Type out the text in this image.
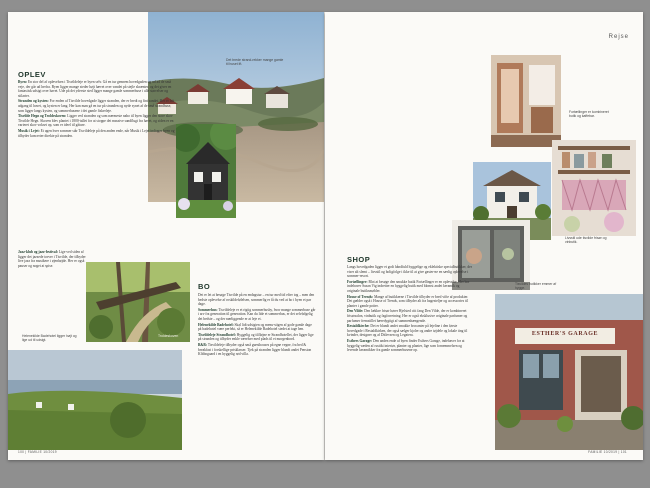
Det brede strand-rekker mange gamle til huset ift.
OPLEV

Byen: En stor del af oplevelsen i Tisvildeleje er byen selv. Gå en tur gennem hovedgaden og ud ad de små veje, der går ud herfra. Byen ligger mange steder højt hævet over vandet på stejle skrænter, og det giver en fantastisk udsigt over havet. Ude på det yderste sted ligger mange gamle sommerhuse i alle størrelser og stilarter.

Stranden og kysten: For enden af Tisvilde hovedgade ligger stranden, der er bredt og fint sandet. Her er frit adgang til havet, og kysten er lang. Her kan man gå en tur på stranden og nyde synet af de små strandhuse, som ligger langs kysten, og sommerhusene i det gamle fiskerleje.

Tisvilde Hegn og Troldeskoven: Ligger ved stranden og som nærmeste nabo til byen ligger den store skov Tisvilde Hegn. Skoven blev plantet i 1800-tallet for at stoppe det massive sandflugt fra havet, og siden er en varieret skov vokset op, som er ideel til gåture.

Musik i Lejet: Et ugen hver sommer står Tisvildeleje på den anden ende, når Musik i Lejet indtager byen og tilbyder koncerter direkte på stranden.

Jazz-klub og jazz-festival: Lige ved siden af ligger det jazzede torver i Tisvilde, der tilbyder live jazz fra musikere i øjenhøjde. Her er også pauser og noget at spise.

Troldeskoven
Helenekilde Badehotel ligger højt og lige ud til udsigt.
BO

Det er let at besøge Tisvilde på en endagstur – en tur med tid efter tog – men den bedste oplevelse af roskildefølelsen, sommerlig er få du ved at bo i byen et par dage.

Sommerhus: Tisvildeleje er et rigtig sommerhusby, hvor mange sommerhuse går i arv fra generation til generation. Kan du lide et sommerhus, er det selvfølgelig det bedste – og der nærliggende er at leje et.

Helenekilde Badehotel: Skal lidt udsigten og menu-stigen af gode gamle dage på badehotel være perfekt, så er Helenekilde Badehotel stedet at tage hen.

Tisvildeleje Strandhotel: Hyggelig og tilfløjne er Strandhotellet, der ligger lige på stranden og tilbyder enkle værelser med plads til et morgenbord.

B&B: Tisvildeleje tilbyder også små guesthouses på egne vegne, fra bed & breakfast i forskellige prisklasser. Tjek på stranden ligger blandt andet Pension Klitbogaard i en hyggelig rød villa.

100 | FAMILIE 10/2019
Rejse
Fortællinger er kombineret butik og kaffebar.
Livsstil ude tisvilde frisør og vinbutik.
SHOP

Langs hovedgaden ligger et godt håndfuld hyggelige og eklektiske specialbutikker, der viser alt slemt – livsstil og boligfolge i ikke til at give gaster-ne en særlig oplevelse i sommer-resort.

Fortællinger: Blot at besøge den smukke butik Fortællinger er en oplevelse. Her bor indehaver Susan Vig indretter en hyggelig butik med blomst andet keramik og originale butiksmøbler.

House of Trends: Mange af butikkerne i Tisvilde tilbyder er bred vifte af produkter. Det gælder også i House of Trends, som tilbyder alt fra hagesteljer og accessories til planter i gamle potter.

Den Vilde: Den lækkre frisør hører Hjelsted citt fang Den Vilde, der er kombineret frisørsalon, vinbutik og fagforretning. Her er også eksklusive originale parfumer og parfumer fremstillet bæredygtigt af sammenhængende.

Restaldkirche: Det er blandt andet smukke brocanter på lejeline i den første hovedgade i Restaldkirken, der også sælger kjoler og andre tøjdele og lokale ting til kvinder, designer og af Ditlevsen og Legatera.

Esthers Garage: Den anden ende af byen finder Esthers Garage, indehaver for at hyggelig væden af rustikt interiør, planter og planter, lige som fornemmelsen og levende keramikker fra gamle sommerhusene op.

Tisvildes butikker emmer af hygge.
ESTHER'S GARAGE
FAMILIE 10/2019 | 101
